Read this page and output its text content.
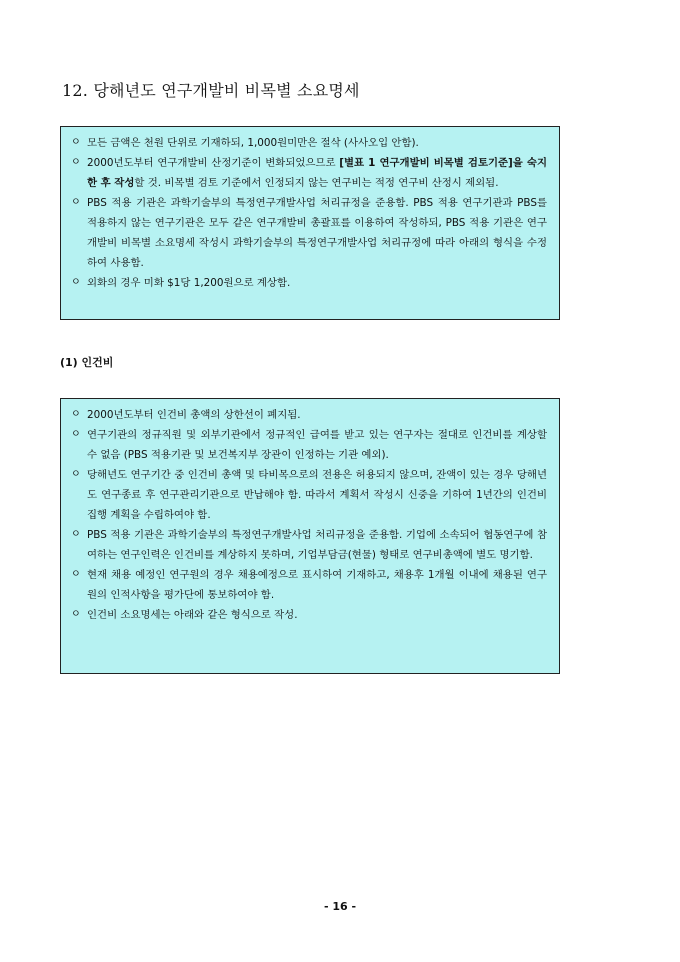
12. 당해년도 연구개발비 비목별 소요명세
ㅇ 모든 금액은 천원 단위로 기재하되, 1,000원미만은 절삭 (사사오입 안함).
ㅇ 2000년도부터 연구개발비 산정기준이 변화되었으므로 [별표 1 연구개발비 비목별 검토기준]을 숙지한 후 작성할 것. 비목별 검토 기준에서 인정되지 않는 연구비는 적정 연구비 산정시 제외됨.
ㅇ PBS 적용 기관은 과학기술부의 특정연구개발사업 처리규정을 준용함. PBS 적용 연구기관과 PBS를 적용하지 않는 연구기관은 모두 같은 연구개발비 총괄표를 이용하여 작성하되, PBS 적용 기관은 연구개발비 비목별 소요명세 작성시 과학기술부의 특정연구개발사업 처리규정에 따라 아래의 형식을 수정하여 사용함.
ㅇ 외화의 경우 미화 $1당 1,200원으로 계상함.
(1) 인건비
ㅇ 2000년도부터 인건비 총액의 상한선이 폐지됨.
ㅇ 연구기관의 정규직원 및 외부기관에서 정규적인 급여를 받고 있는 연구자는 절대로 인건비를 계상할 수 없음 (PBS 적용기관 및 보건복지부 장관이 인정하는 기관 예외).
ㅇ 당해년도 연구기간 중 인건비 총액 및 타비목으로의 전용은 허용되지 않으며, 잔액이 있는 경우 당해년도 연구종료 후 연구관리기관으로 반납해야 함. 따라서 계획서 작성시 신중을 기하여 1년간의 인건비 집행 계획을 수립하여야 함.
ㅇ PBS 적용 기관은 과학기술부의 특정연구개발사업 처리규정을 준용함. 기업에 소속되어 협동연구에 참여하는 연구인력은 인건비를 계상하지 못하며, 기업부담금(현물) 형태로 연구비총액에 별도 명기함.
ㅇ 현재 채용 예정인 연구원의 경우 채용예정으로 표시하여 기재하고, 채용후 1개월 이내에 채용된 연구원의 인적사항을 평가단에 통보하여야 함.
ㅇ 인건비 소요명세는 아래와 같은 형식으로 작성.
- 16 -
